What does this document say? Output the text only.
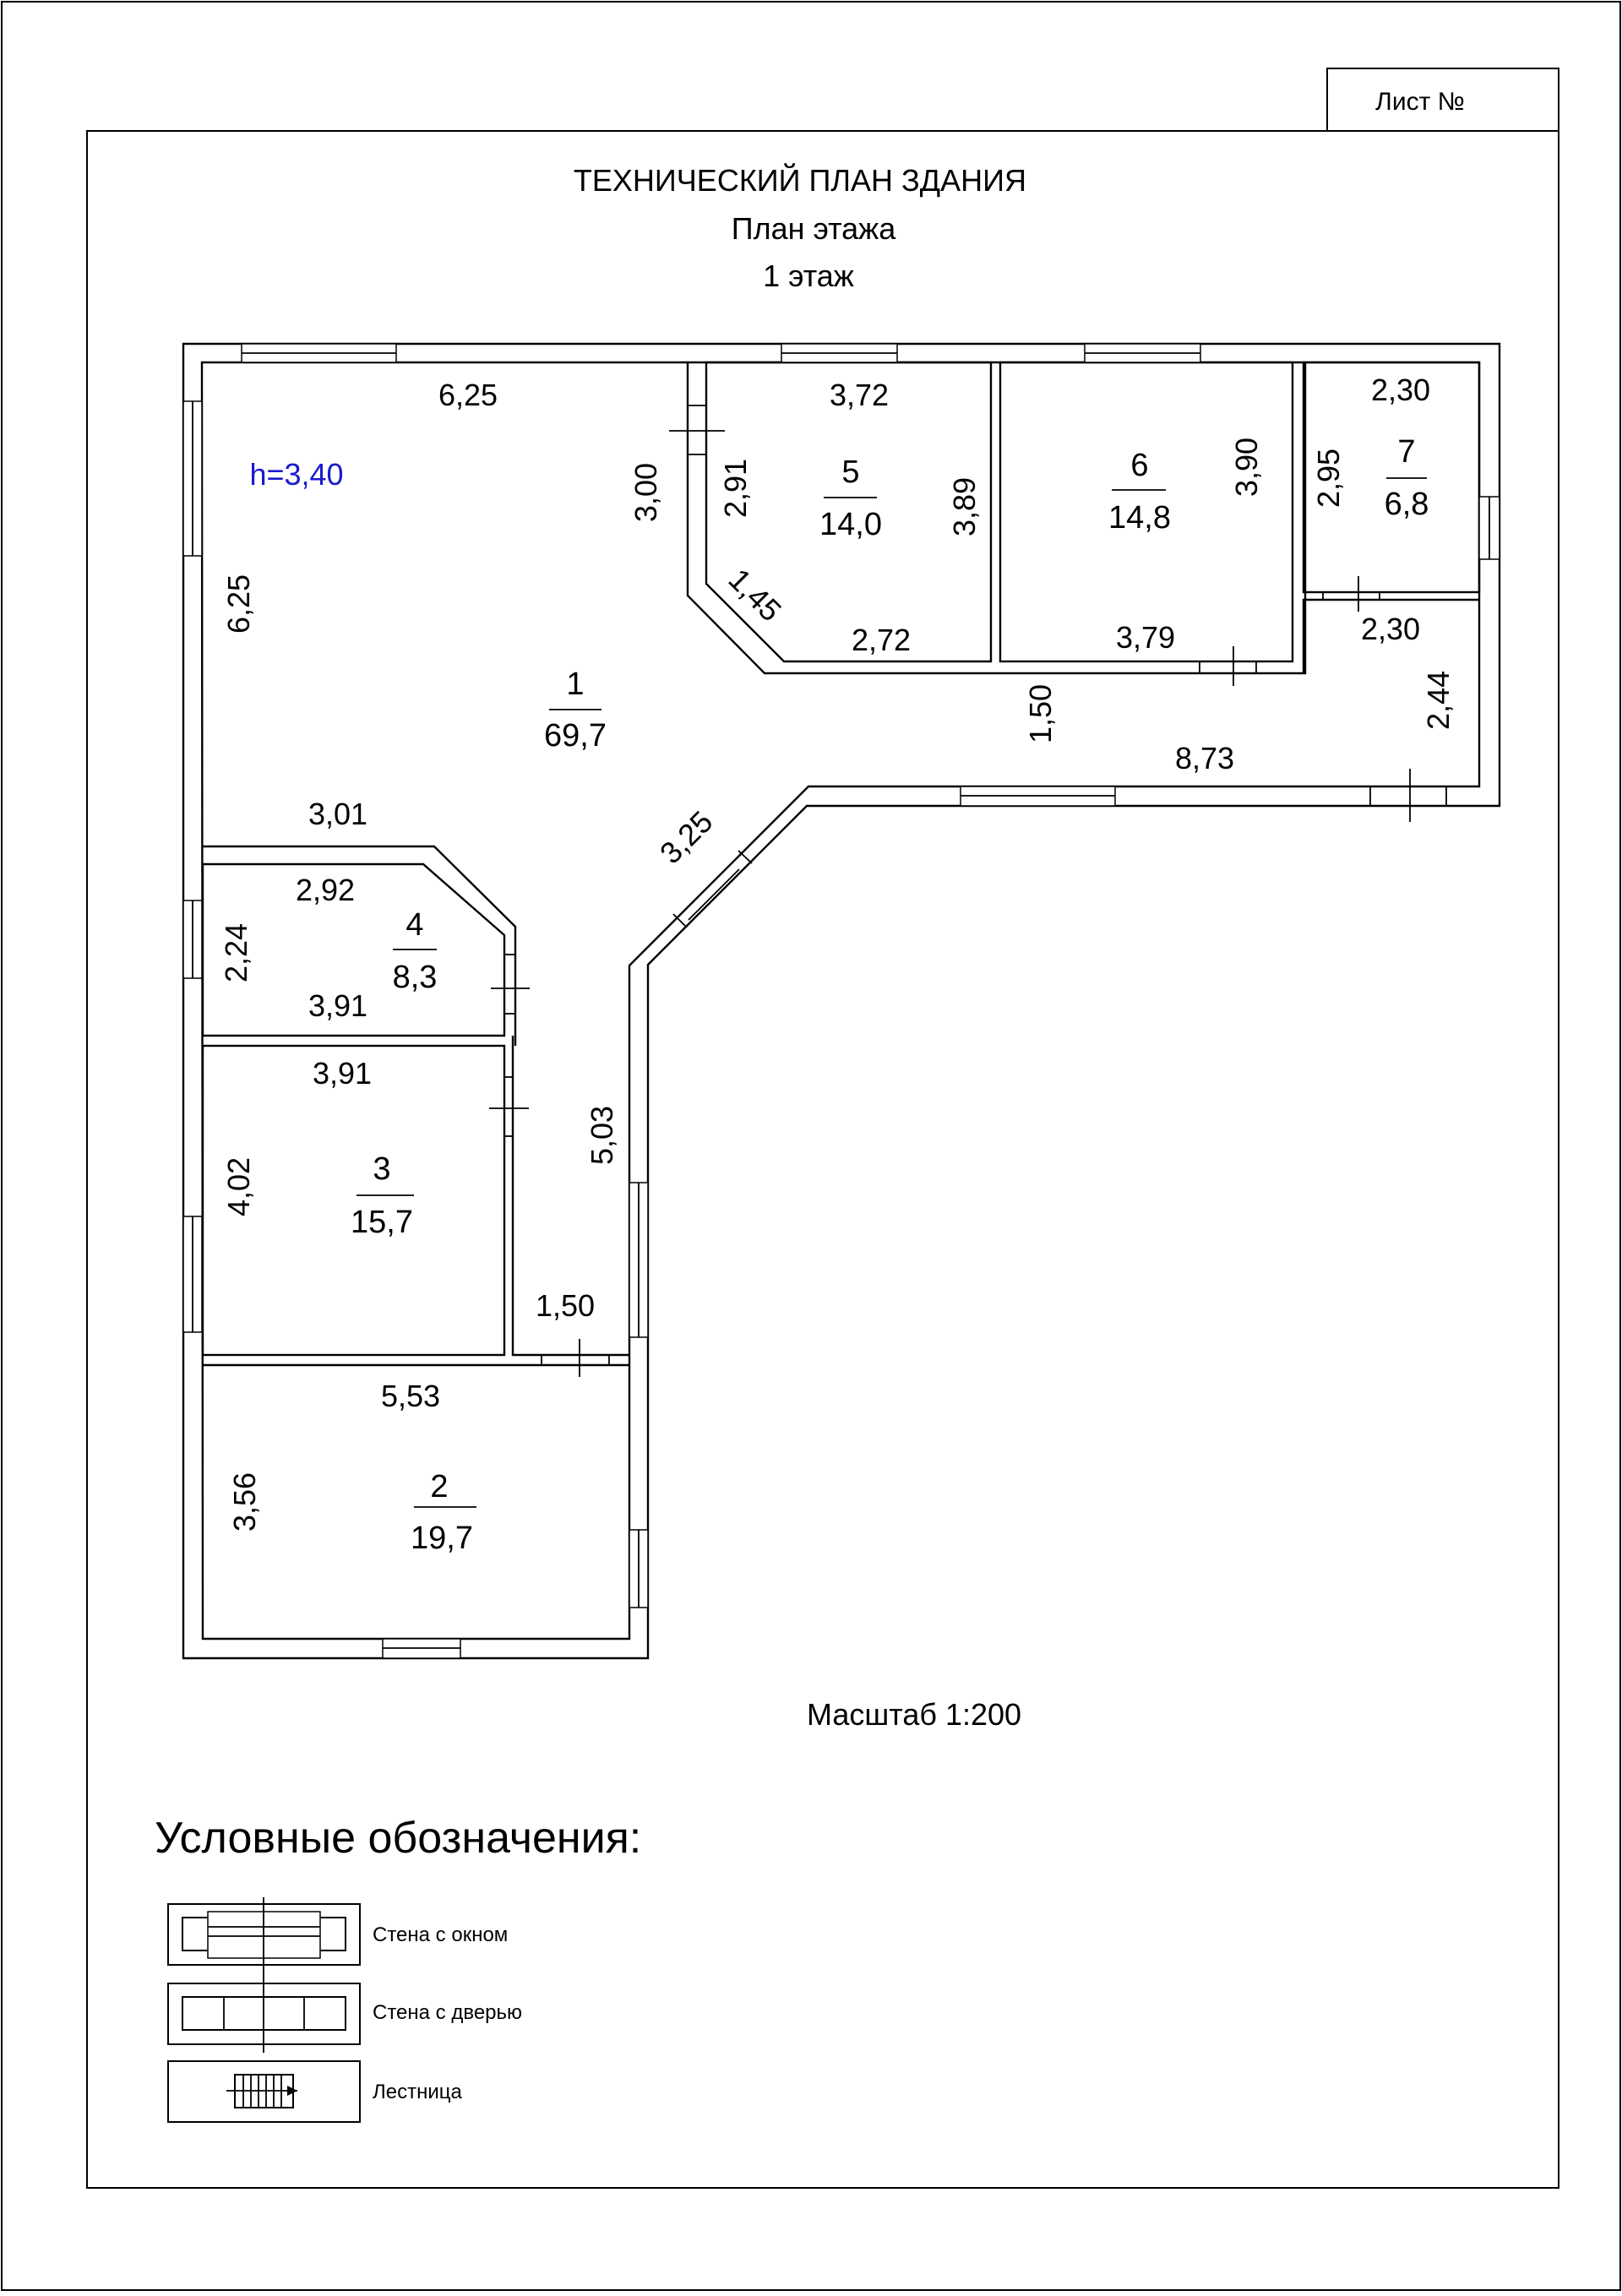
Лист №
ТЕХНИЧЕСКИЙ ПЛАН ЗДАНИЯ
План этажа
1 этаж
1
69,7
2
19,7
3
15,7
4
8,3
5
14,0
6
14,8
7
6,8
h=3,40
6,25
6,25
3,00
1,50
8,73
3,25
5,03
1,50
3,01
3,72
2,91	3,89
1,45
2,72
3,90
3,79
2,30
2,95
2,30
2,44
2,92
2,24
3,91
3,91
4,02
5,53
3,56
Масштаб 1:200
Условные обозначения:
Стена с окном
Стена с дверью
Лестница
